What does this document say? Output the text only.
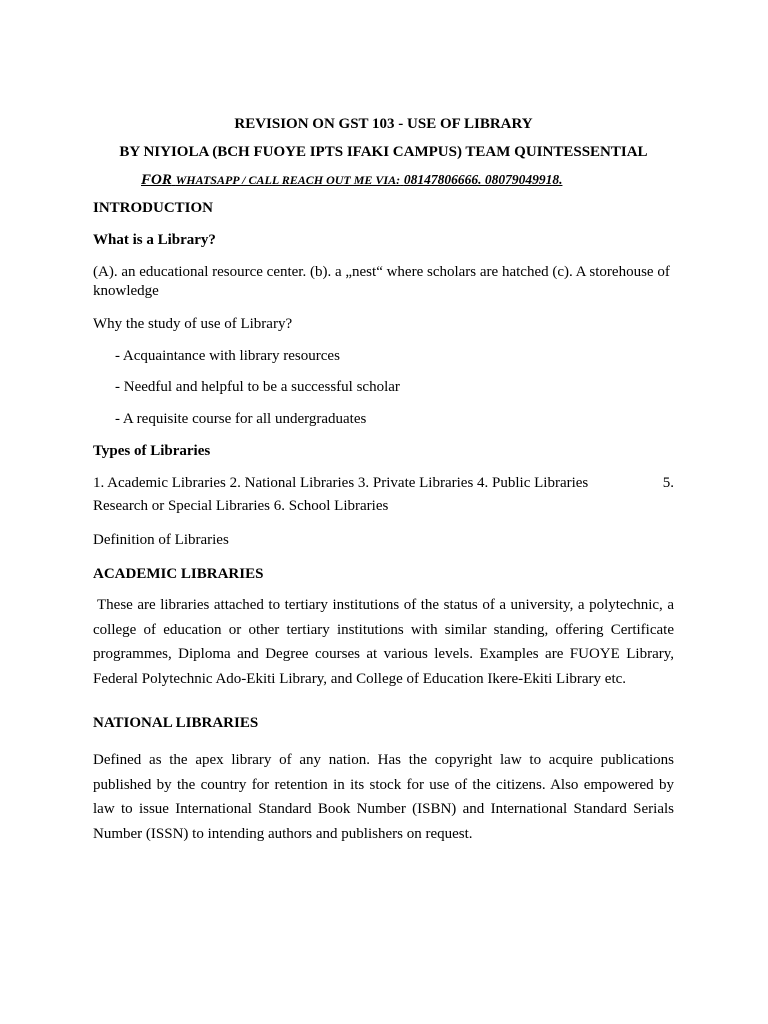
REVISION ON GST 103 - USE OF LIBRARY

BY NIYIOLA (BCH FUOYE IPTS IFAKI CAMPUS) TEAM QUINTESSENTIAL

FOR WHATSAPP / CALL REACH OUT ME VIA: 08147806666. 08079049918.

INTRODUCTION

What is a Library?

(A). an educational resource center. (b). a „nest“ where scholars are hatched (c). A storehouse of knowledge

Why the study of use of Library?

- Acquaintance with library resources

- Needful and helpful to be a successful scholar

- A requisite course for all undergraduates

Types of Libraries

1. Academic Libraries 2. National Libraries 3. Private Libraries 4. Public Libraries	5.
Research or Special Libraries 6. School Libraries

Definition of Libraries

ACADEMIC LIBRARIES

These are libraries attached to tertiary institutions of the status of a university, a polytechnic, a college of education or other tertiary institutions with similar standing, offering Certificate programmes, Diploma and Degree courses at various levels. Examples are FUOYE Library, Federal Polytechnic Ado-Ekiti Library, and College of Education Ikere-Ekiti Library etc.

NATIONAL LIBRARIES

Defined as the apex library of any nation. Has the copyright law to acquire publications published by the country for retention in its stock for use of the citizens. Also empowered by law to issue International Standard Book Number (ISBN) and International Standard Serials Number (ISSN) to intending authors and publishers on request.
